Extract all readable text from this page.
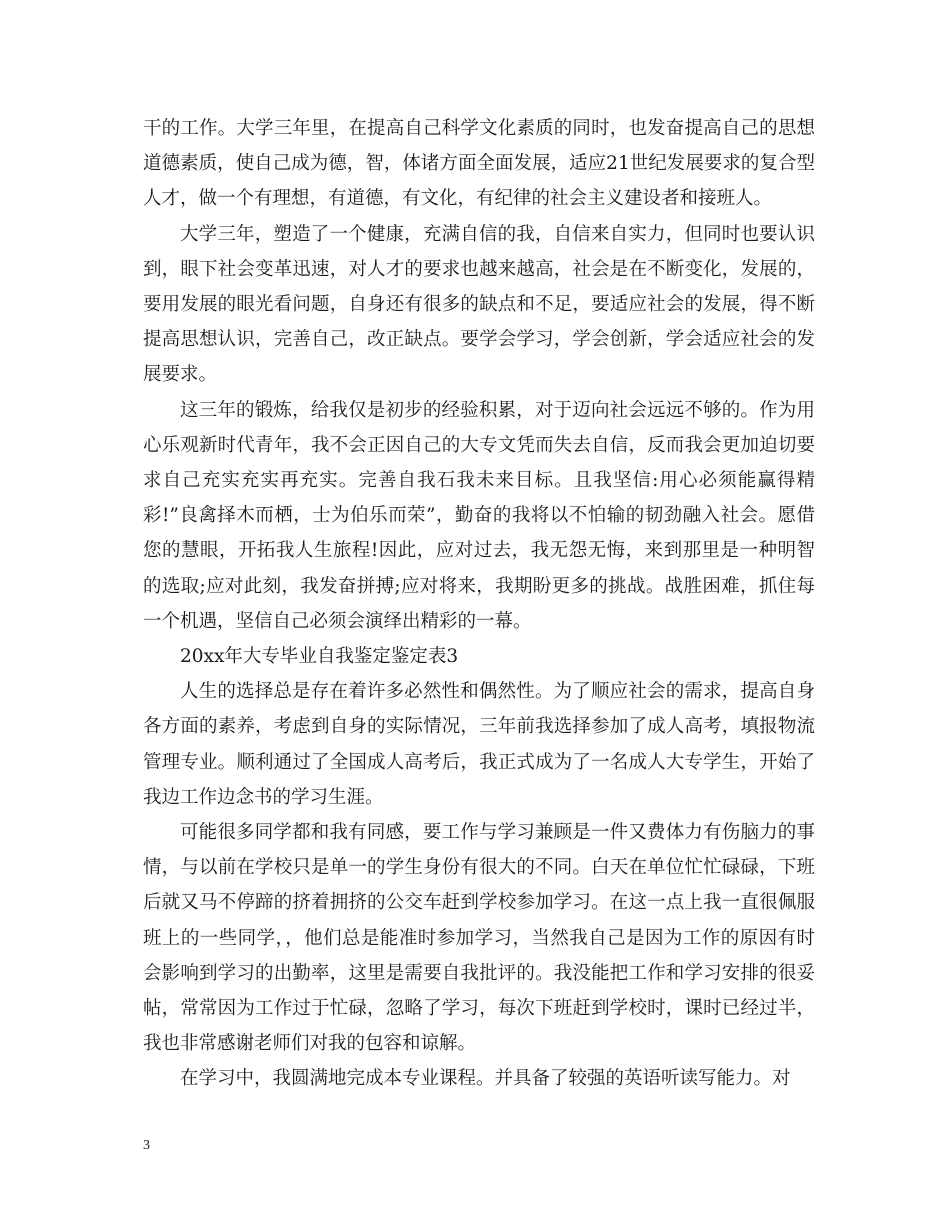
干的工作。大学三年里，在提高自己科学文化素质的同时，也发奋提高自己的思想道德素质，使自己成为德，智，体诸方面全面发展，适应21世纪发展要求的复合型人才，做一个有理想，有道德，有文化，有纪律的社会主义建设者和接班人。

大学三年，塑造了一个健康，充满自信的我，自信来自实力，但同时也要认识到，眼下社会变革迅速，对人才的要求也越来越高，社会是在不断变化，发展的，要用发展的眼光看问题，自身还有很多的缺点和不足，要适应社会的发展，得不断提高思想认识，完善自己，改正缺点。要学会学习，学会创新，学会适应社会的发展要求。

这三年的锻炼，给我仅是初步的经验积累，对于迈向社会远远不够的。作为用心乐观新时代青年，我不会正因自己的大专文凭而失去自信，反而我会更加迫切要求自己充实充实再充实。完善自我石我未来目标。且我坚信:用心必须能赢得精彩!”良禽择木而栖，士为伯乐而荣”，勤奋的我将以不怕输的韧劲融入社会。愿借您的慧眼，开拓我人生旅程!因此，应对过去，我无怨无悔，来到那里是一种明智的选取;应对此刻，我发奋拼搏;应对将来，我期盼更多的挑战。战胜困难，抓住每一个机遇，坚信自己必须会演绎出精彩的一幕。

20xx年大专毕业自我鉴定鉴定表3

人生的选择总是存在着许多必然性和偶然性。为了顺应社会的需求，提高自身各方面的素养，考虑到自身的实际情况，三年前我选择参加了成人高考，填报物流管理专业。顺利通过了全国成人高考后，我正式成为了一名成人大专学生，开始了我边工作边念书的学习生涯。

可能很多同学都和我有同感，要工作与学习兼顾是一件又费体力有伤脑力的事情，与以前在学校只是单一的学生身份有很大的不同。白天在单位忙忙碌碌，下班后就又马不停蹄的挤着拥挤的公交车赶到学校参加学习。在这一点上我一直很佩服班上的一些同学，，他们总是能准时参加学习，当然我自己是因为工作的原因有时会影响到学习的出勤率，这里是需要自我批评的。我没能把工作和学习安排的很妥帖，常常因为工作过于忙碌，忽略了学习，每次下班赶到学校时，课时已经过半，我也非常感谢老师们对我的包容和谅解。

在学习中，我圆满地完成本专业课程。并具备了较强的英语听读写能力。对

3
